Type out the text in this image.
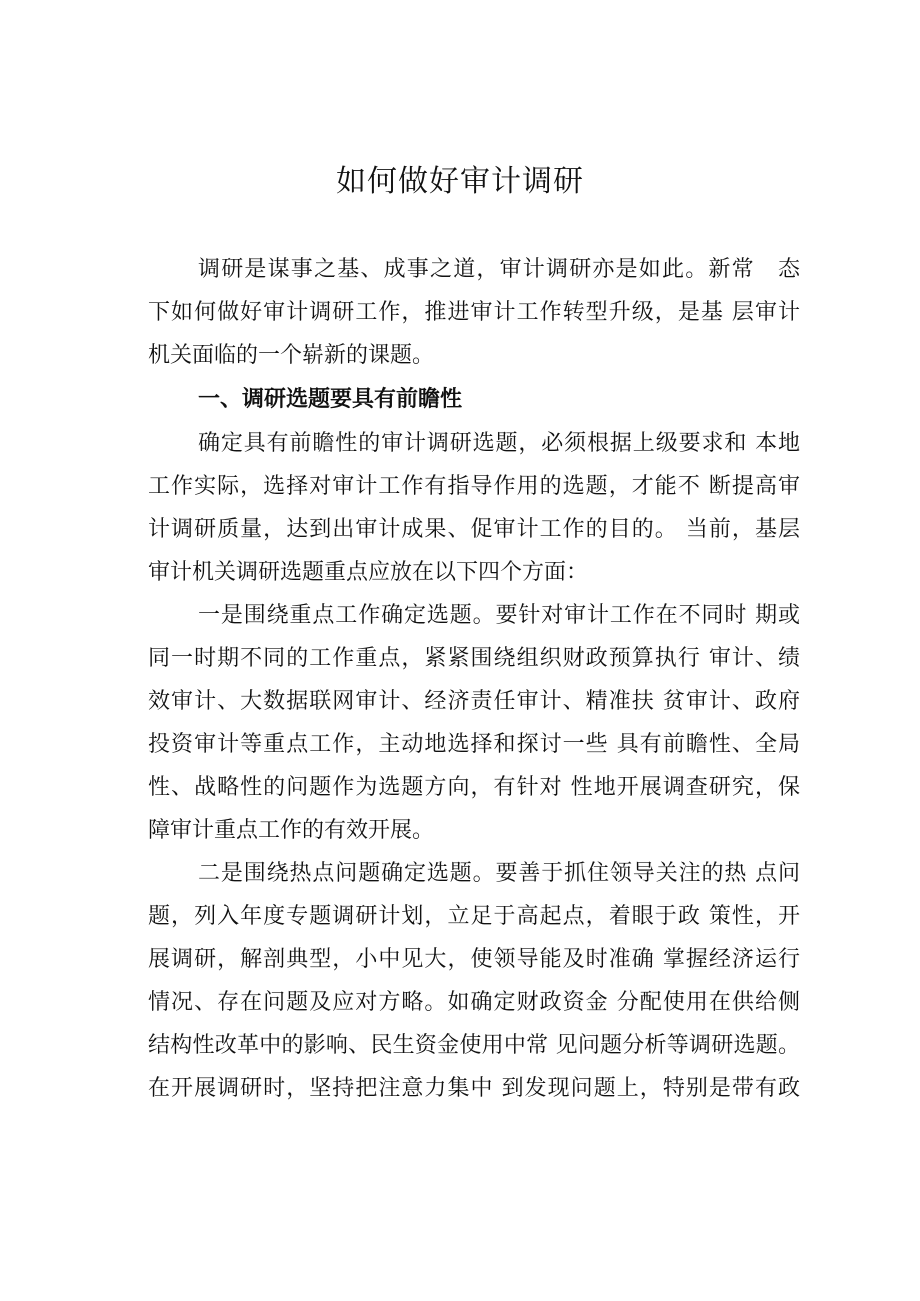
如何做好审计调研
调研是谋事之基、成事之道，审计调研亦是如此。新常　态
下如何做好审计调研工作，推进审计工作转型升级，是基 层审计
机关面临的一个崭新的课题。
一、调研选题要具有前瞻性
确定具有前瞻性的审计调研选题，必须根据上级要求和 本地
工作实际，选择对审计工作有指导作用的选题，才能不 断提高审
计调研质量，达到出审计成果、促审计工作的目的。 当前，基层
审计机关调研选题重点应放在以下四个方面：
一是围绕重点工作确定选题。要针对审计工作在不同时 期或
同一时期不同的工作重点，紧紧围绕组织财政预算执行 审计、绩
效审计、大数据联网审计、经济责任审计、精准扶 贫审计、政府
投资审计等重点工作，主动地选择和探讨一些 具有前瞻性、全局
性、战略性的问题作为选题方向，有针对 性地开展调查研究，保
障审计重点工作的有效开展。
二是围绕热点问题确定选题。要善于抓住领导关注的热 点问
题，列入年度专题调研计划，立足于高起点，着眼于政 策性，开
展调研，解剖典型，小中见大，使领导能及时准确 掌握经济运行
情况、存在问题及应对方略。如确定财政资金 分配使用在供给侧
结构性改革中的影响、民生资金使用中常 见问题分析等调研选题。
在开展调研时，坚持把注意力集中 到发现问题上，特别是带有政
